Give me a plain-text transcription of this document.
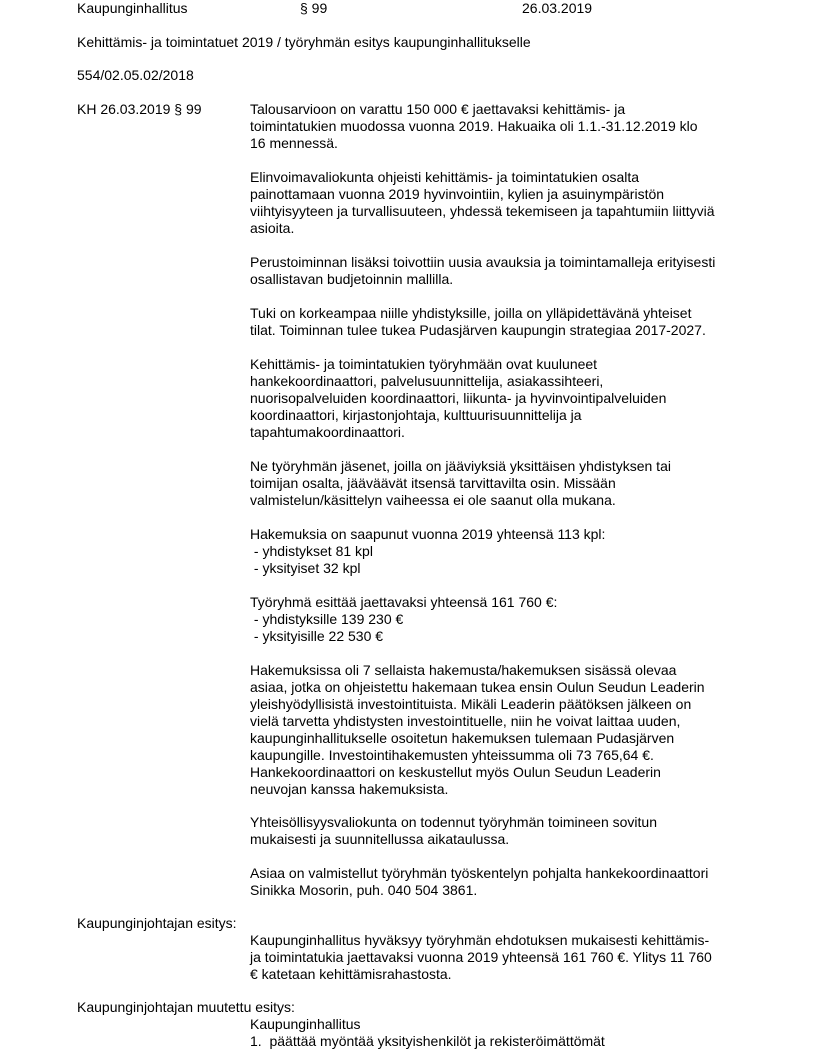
Kaupunginhallitus	§ 99	26.03.2019
Kehittämis- ja toimintatuet 2019 / työryhmän esitys kaupunginhallitukselle
554/02.05.02/2018
KH 26.03.2019 § 99	Talousarvioon on varattu 150 000 € jaettavaksi kehittämis- ja
toimintatukien muodossa vuonna 2019. Hakuaika oli 1.1.-31.12.2019 klo
16 mennessä.
Elinvoimavaliokunta ohjeisti kehittämis- ja toimintatukien osalta
painottamaan vuonna 2019 hyvinvointiin, kylien ja asuinympäristön
viihtyisyyteen ja turvallisuuteen, yhdessä tekemiseen ja tapahtumiin liittyviä
asioita.
Perustoiminnan lisäksi toivottiin uusia avauksia ja toimintamalleja erityisesti
osallistavan budjetoinnin mallilla.
Tuki on korkeampaa niille yhdistyksille, joilla on ylläpidettävänä yhteiset
tilat. Toiminnan tulee tukea Pudasjärven kaupungin strategiaa 2017-2027.
Kehittämis- ja toimintatukien työryhmään ovat kuuluneet
hankekoordinaattori, palvelusuunnittelija, asiakassihteeri,
nuorisopalveluiden koordinaattori, liikunta- ja hyvinvointipalveluiden
koordinaattori, kirjastonjohtaja, kulttuurisuunnittelija ja
tapahtumakoordinaattori.
Ne työryhmän jäsenet, joilla on jääviyksiä yksittäisen yhdistyksen tai
toimijan osalta, jääväävät itsensä tarvittavilta osin. Missään
valmistelun/käsittelyn vaiheessa ei ole saanut olla mukana.
Hakemuksia on saapunut vuonna 2019 yhteensä 113 kpl:
- yhdistykset 81 kpl
- yksityiset 32 kpl
Työryhmä esittää jaettavaksi yhteensä 161 760 €:
- yhdistyksille 139 230 €
- yksityisille 22 530 €
Hakemuksissa oli 7 sellaista hakemusta/hakemuksen sisässä olevaa
asiaa, jotka on ohjeistettu hakemaan tukea ensin Oulun Seudun Leaderin
yleishyödyllisistä investointituista. Mikäli Leaderin päätöksen jälkeen on
vielä tarvetta yhdistysten investointituelle, niin he voivat laittaa uuden,
kaupunginhallitukselle osoitetun hakemuksen tulemaan Pudasjärven
kaupungille. Investointihakemusten yhteissumma oli 73 765,64 €.
Hankekoordinaattori on keskustellut myös Oulun Seudun Leaderin
neuvojan kanssa hakemuksista.
Yhteisöllisyysvaliokunta on todennut työryhmän toimineen sovitun
mukaisesti ja suunnitellussa aikataulussa.
Asiaa on valmistellut työryhmän työskentelyn pohjalta hankekoordinaattori
Sinikka Mosorin, puh. 040 504 3861.
Kaupunginjohtajan esitys:
Kaupunginhallitus hyväksyy työryhmän ehdotuksen mukaisesti kehittämis-
ja toimintatukia jaettavaksi vuonna 2019 yhteensä 161 760 €. Ylitys 11 760
€ katetaan kehittämisrahastosta.
Kaupunginjohtajan muutettu esitys:
Kaupunginhallitus
1.  päättää myöntää yksityishenkilöt ja rekisteröimättömät
